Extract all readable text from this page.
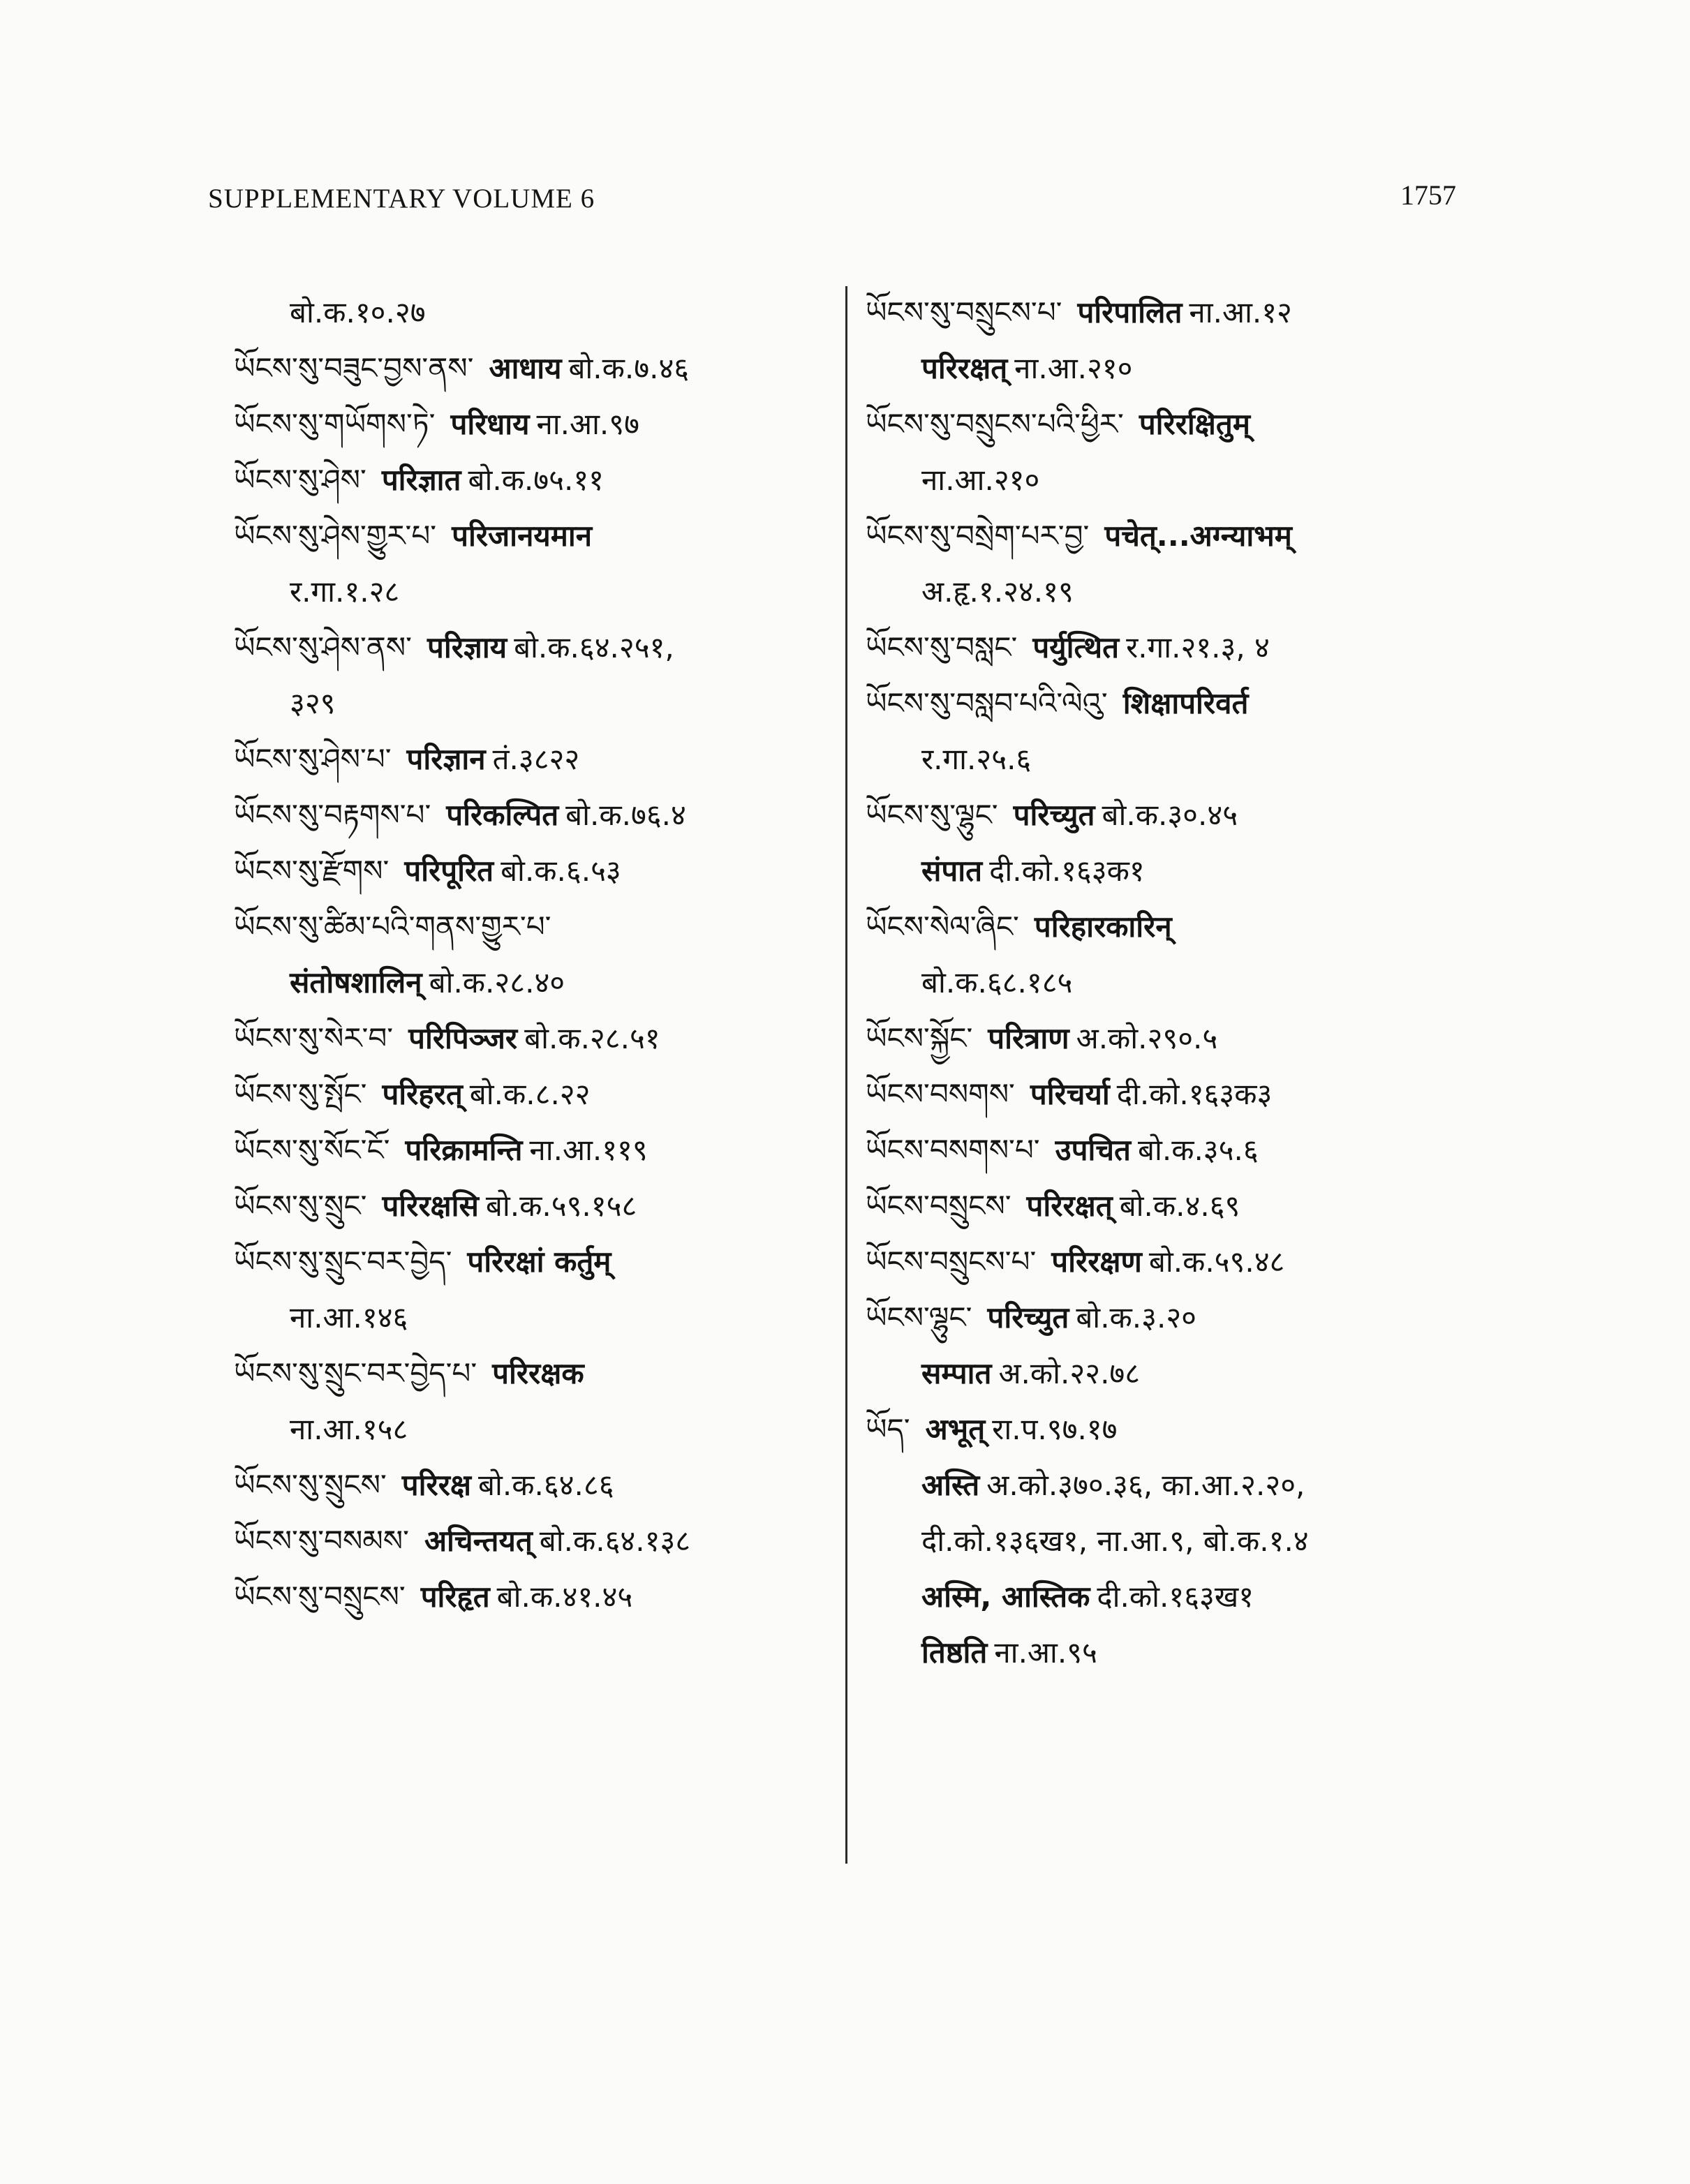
SUPPLEMENTARY VOLUME 6	1757
बो.क.१०.२७
ཡོངས་སུ་བཟུང་བྱས་ནས་ आधाय बो.क.७.४६
ཡོངས་སུ་གཡོགས་ཏེ་ परिधाय ना.आ.९७
ཡོངས་སུ་ཤེས་ परिज्ञात बो.क.७५.११
ཡོངས་སུ་ཤེས་གྱུར་པ་ परिजानयमान
र.गा.१.२८
ཡོངས་སུ་ཤེས་ནས་ परिज्ञाय बो.क.६४.२५१,
३२९
ཡོངས་སུ་ཤེས་པ་ परिज्ञान तं.३८२२
ཡོངས་སུ་བརྟགས་པ་ परिकल्पित बो.क.७६.४
ཡོངས་སུ་རྫོགས་ परिपूरित बो.क.६.५३
ཡོངས་སུ་ཚིམ་པའི་གནས་གྱུར་པ་
संतोषशालिन् बो.क.२८.४०
ཡོངས་སུ་སེར་བ་ परिपिञ्जर बो.क.२८.५१
ཡོངས་སུ་སྤོང་ परिहरत् बो.क.८.२२
ཡོངས་སུ་སོང་ངོ་ परिक्रामन्ति ना.आ.११९
ཡོངས་སུ་སྲུང་ परिरक्षसि बो.क.५९.१५८
ཡོངས་སུ་སྲུང་བར་བྱེད་ परिरक्षां कर्तुम्
ना.आ.१४६
ཡོངས་སུ་སྲུང་བར་བྱེད་པ་ परिरक्षक
ना.आ.१५८
ཡོངས་སུ་སྲུངས་ परिरक्ष बो.क.६४.८६
ཡོངས་སུ་བསམས་ अचिन्तयत् बो.क.६४.१३८
ཡོངས་སུ་བསྲུངས་ परिहृत बो.क.४१.४५
ཡོངས་སུ་བསྲུངས་པ་ परिपालित ना.आ.१२
परिरक्षत् ना.आ.२१०
ཡོངས་སུ་བསྲུངས་པའི་ཕྱིར་ परिरक्षितुम्
ना.आ.२१०
ཡོངས་སུ་བསྲེག་པར་བྱ་ पचेत्...अग्न्याभम्
अ.हृ.१.२४.१९
ཡོངས་སུ་བསླང་ पर्युत्थित र.गा.२१.३, ४
ཡོངས་སུ་བསླབ་པའི་ལེའུ་ शिक्षापरिवर्त
र.गा.२५.६
ཡོངས་སུ་ལྷུང་ परिच्युत बो.क.३०.४५
संपात दी.को.१६३क१
ཡོངས་སེལ་ཞིང་ परिहारकारिन्
बो.क.६८.१८५
ཡོངས་སྐྱོང་ परित्राण अ.को.२९०.५
ཡོངས་བསགས་ परिचर्या दी.को.१६३क३
ཡོངས་བསགས་པ་ उपचित बो.क.३५.६
ཡོངས་བསྲུངས་ परिरक्षत् बो.क.४.६९
ཡོངས་བསྲུངས་པ་ परिरक्षण बो.क.५९.४८
ཡོངས་ལྷུང་ परिच्युत बो.क.३.२०
सम्पात अ.को.२२.७८
ཡོད་ अभूत् रा.प.९७.१७
अस्ति अ.को.३७०.३६, का.आ.२.२०,
दी.को.१३६ख१, ना.आ.९, बो.क.१.४
अस्मि, आस्तिक दी.को.१६३ख१
तिष्ठति ना.आ.९५
